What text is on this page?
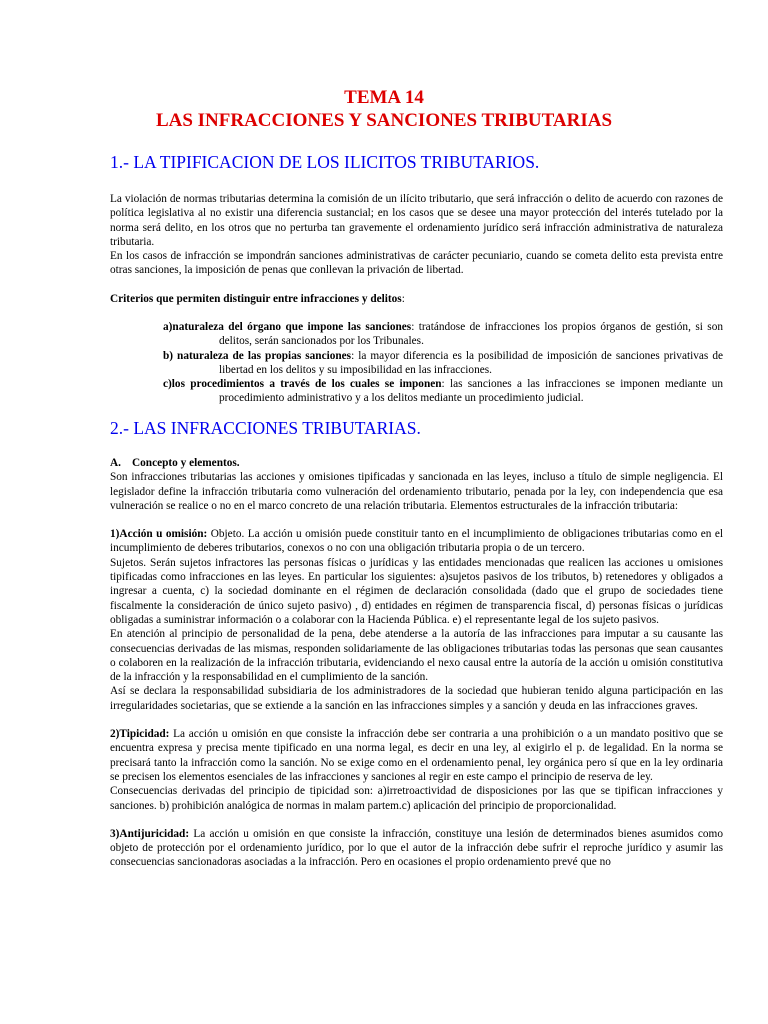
TEMA 14
LAS INFRACCIONES Y SANCIONES TRIBUTARIAS
1.- LA TIPIFICACION DE LOS ILICITOS TRIBUTARIOS.

La violación de normas tributarias determina la comisión de un ilícito tributario, que será infracción o delito de acuerdo con razones de política legislativa al no existir una diferencia sustancial; en los casos que se desee una mayor protección del interés tutelado por la norma será delito, en los otros que no perturba tan gravemente el ordenamiento jurídico será infracción administrativa de naturaleza tributaria.

En los casos de infracción se impondrán sanciones administrativas de carácter pecuniario, cuando se cometa delito esta prevista entre otras sanciones, la imposición de penas que conllevan la privación de libertad.

Criterios que permiten distinguir entre infracciones y delitos:
a)naturaleza del órgano que impone las sanciones: tratándose de infracciones los propios órganos de gestión, si son delitos, serán sancionados por los Tribunales.
b) naturaleza de las propias sanciones: la mayor diferencia es la posibilidad de imposición de sanciones privativas de libertad en los delitos y su imposibilidad en las infracciones.
c)los procedimientos a través de los cuales se imponen: las sanciones a las infracciones se imponen mediante un procedimiento administrativo y a los delitos mediante un procedimiento judicial.
2.- LAS INFRACCIONES TRIBUTARIAS.
A. Concepto y elementos.

Son infracciones tributarias las acciones y omisiones tipificadas y sancionada en las leyes, incluso a título de simple negligencia. El legislador define la infracción tributaria como vulneración del ordenamiento tributario, penada por la ley, con independencia que esa vulneración se realice o no en el marco concreto de una relación tributaria. Elementos estructurales de la infracción tributaria:

1)Acción u omisión: Objeto. La acción u omisión puede constituir tanto en el incumplimiento de obligaciones tributarias como en el incumplimiento de deberes tributarios, conexos o no con una obligación tributaria propia o de un tercero.

Sujetos. Serán sujetos infractores las personas físicas o jurídicas y las entidades mencionadas que realicen las acciones u omisiones tipificadas como infracciones en las leyes. En particular los siguientes: a)sujetos pasivos de los tributos, b) retenedores y obligados a ingresar a cuenta, c) la sociedad dominante en el régimen de declaración consolidada (dado que el grupo de sociedades tiene fiscalmente la consideración de único sujeto pasivo) , d) entidades en régimen de transparencia fiscal, d) personas físicas o jurídicas obligadas a suministrar información o a colaborar con la Hacienda Pública. e) el representante legal de los sujeto pasivos.

En atención al principio de personalidad de la pena, debe atenderse a la autoría de las infracciones para imputar a su causante las consecuencias derivadas de las mismas, responden solidariamente de las obligaciones tributarias todas las personas que sean causantes o colaboren en la realización de la infracción tributaria, evidenciando el nexo causal entre la autoría de la acción u omisión constitutiva de la infracción y la responsabilidad en el cumplimiento de la sanción.

Así se declara la responsabilidad subsidiaria de los administradores de la sociedad que hubieran tenido alguna participación en las irregularidades societarias, que se extiende a la sanción en las infracciones simples y a sanción y deuda en las infracciones graves.

2)Tipicidad: La acción u omisión en que consiste la infracción debe ser contraria a una prohibición o a un mandato positivo que se encuentra expresa y precisa mente tipificado en una norma legal, es decir en una ley, al exigirlo el p. de legalidad. En la norma se precisará tanto la infracción como la sanción. No se exige como en el ordenamiento penal, ley orgánica pero sí que en la ley ordinaria se precisen los elementos esenciales de las infracciones y sanciones al regir en este campo el principio de reserva de ley.

Consecuencias derivadas del principio de tipicidad son: a)irretroactividad de disposiciones por las que se tipifican infracciones y sanciones. b) prohibición analógica de normas in malam partem.c) aplicación del principio de proporcionalidad.

3)Antijuricidad: La acción u omisión en que consiste la infracción, constituye una lesión de determinados bienes asumidos como objeto de protección por el ordenamiento jurídico, por lo que el autor de la infracción debe sufrir el reproche jurídico y asumir las consecuencias sancionadoras asociadas a la infracción. Pero en ocasiones el propio ordenamiento prevé que no
